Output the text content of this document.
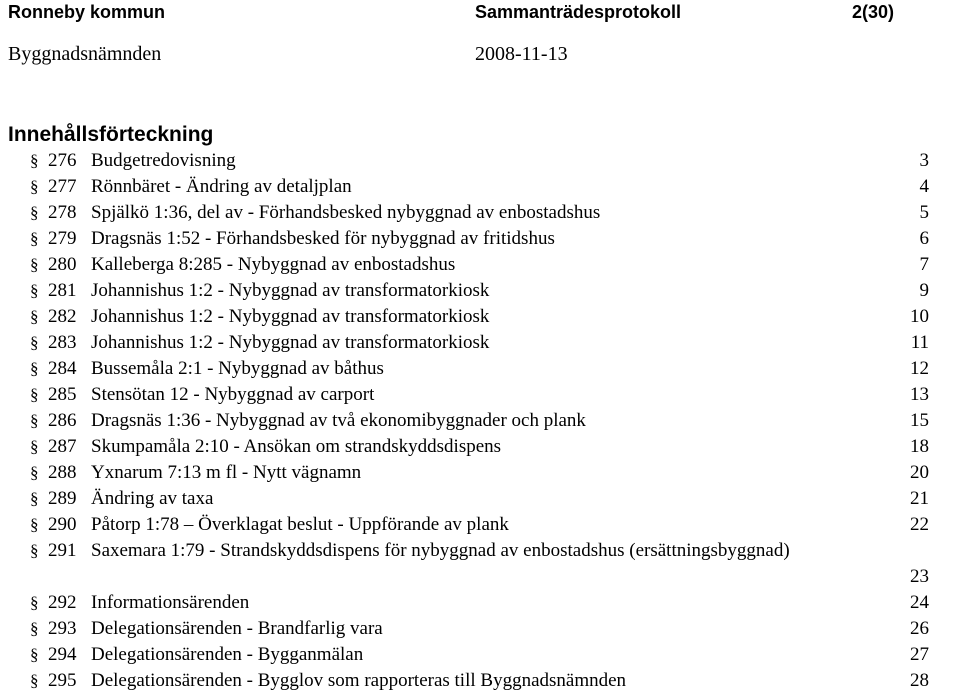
Ronneby kommun	Sammanträdesprotokoll	2(30)
Byggnadsnämnden	2008-11-13
Innehållsförteckning
§ 276 Budgetredovisning	3
§ 277 Rönnbäret - Ändring av detaljplan	4
§ 278 Spjälkö 1:36, del av - Förhandsbesked nybyggnad av enbostadshus	5
§ 279 Dragsnäs 1:52 - Förhandsbesked för nybyggnad av fritidshus	6
§ 280 Kalleberga 8:285 - Nybyggnad av enbostadshus	7
§ 281 Johannishus 1:2 - Nybyggnad av transformatorkiosk	9
§ 282 Johannishus 1:2 - Nybyggnad av transformatorkiosk	10
§ 283 Johannishus 1:2 - Nybyggnad av transformatorkiosk	11
§ 284 Bussemåla 2:1 - Nybyggnad av båthus	12
§ 285 Stensötan 12 - Nybyggnad av carport	13
§ 286 Dragsnäs 1:36 - Nybyggnad av två ekonomibyggnader och plank	15
§ 287 Skumpamåla 2:10 - Ansökan om strandskyddsdispens	18
§ 288 Yxnarum 7:13 m fl - Nytt vägnamn	20
§ 289 Ändring av taxa	21
§ 290 Påtorp 1:78 – Överklagat beslut - Uppförande av plank	22
§ 291 Saxemara 1:79 - Strandskyddsdispens för nybyggnad av enbostadshus (ersättningsbyggnad)
23
§ 292 Informationsärenden	24
§ 293 Delegationsärenden - Brandfarlig vara	26
§ 294 Delegationsärenden - Bygganmälan	27
§ 295 Delegationsärenden - Bygglov som rapporteras till Byggnadsnämnden	28
